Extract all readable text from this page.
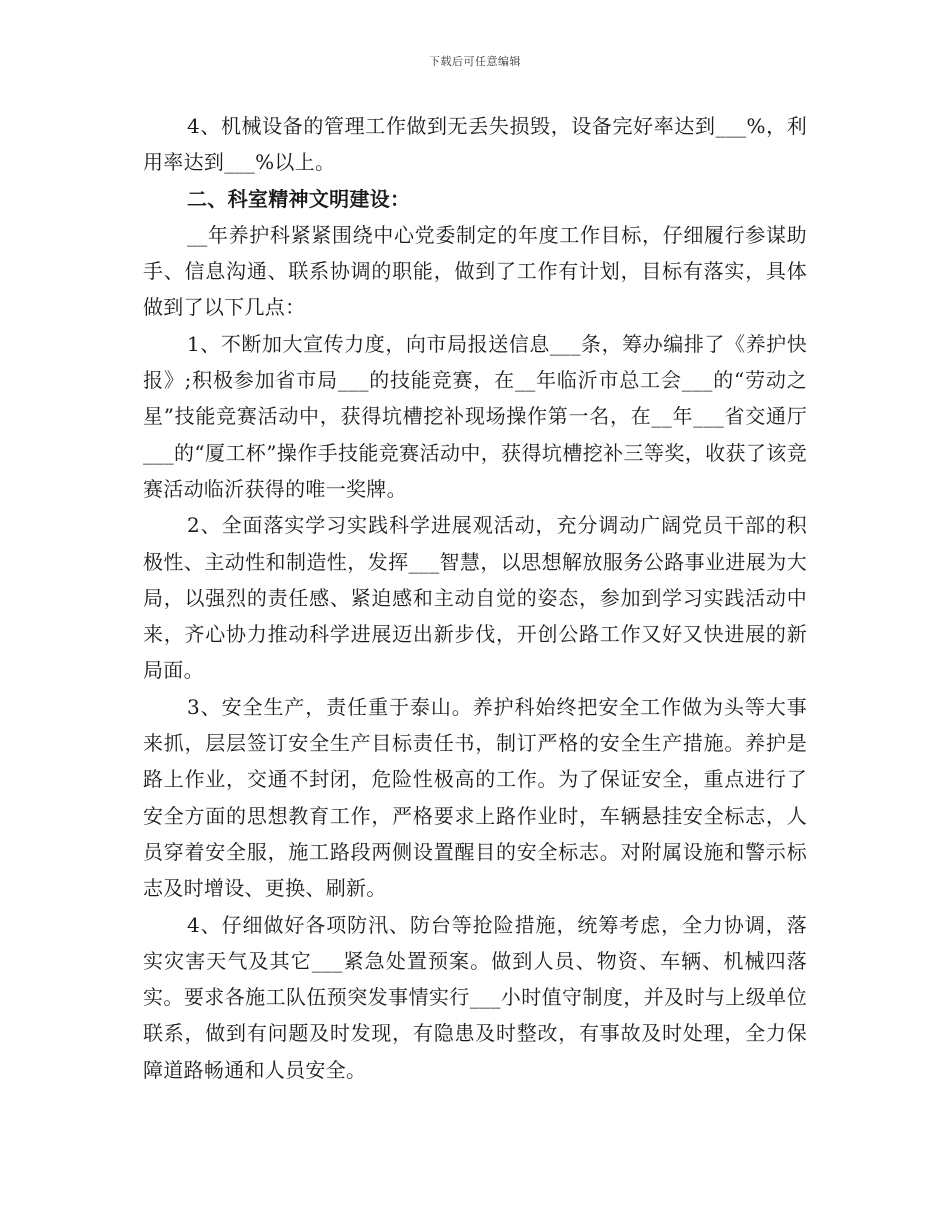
下载后可任意编辑

4、机械设备的管理工作做到无丢失损毁，设备完好率达到___%，利用率达到___%以上。

二、科室精神文明建设：

__年养护科紧紧围绕中心党委制定的年度工作目标，仔细履行参谋助手、信息沟通、联系协调的职能，做到了工作有计划，目标有落实，具体做到了以下几点：

1、不断加大宣传力度，向市局报送信息___条，筹办编排了《养护快报》;积极参加省市局___的技能竞赛，在__年临沂市总工会___的“劳动之星”技能竞赛活动中，获得坑槽挖补现场操作第一名，在__年___省交通厅___的“厦工杯”操作手技能竞赛活动中，获得坑槽挖补三等奖，收获了该竞赛活动临沂获得的唯一奖牌。

2、全面落实学习实践科学进展观活动，充分调动广阔党员干部的积极性、主动性和制造性，发挥___智慧，以思想解放服务公路事业进展为大局，以强烈的责任感、紧迫感和主动自觉的姿态，参加到学习实践活动中来，齐心协力推动科学进展迈出新步伐，开创公路工作又好又快进展的新局面。

3、安全生产，责任重于泰山。养护科始终把安全工作做为头等大事来抓，层层签订安全生产目标责任书，制订严格的安全生产措施。养护是路上作业，交通不封闭，危险性极高的工作。为了保证安全，重点进行了安全方面的思想教育工作，严格要求上路作业时，车辆悬挂安全标志，人员穿着安全服，施工路段两侧设置醒目的安全标志。对附属设施和警示标志及时增设、更换、刷新。

4、仔细做好各项防汛、防台等抢险措施，统筹考虑，全力协调，落实灾害天气及其它___紧急处置预案。做到人员、物资、车辆、机械四落实。要求各施工队伍预突发事情实行___小时值守制度，并及时与上级单位联系，做到有问题及时发现，有隐患及时整改，有事故及时处理，全力保障道路畅通和人员安全。
